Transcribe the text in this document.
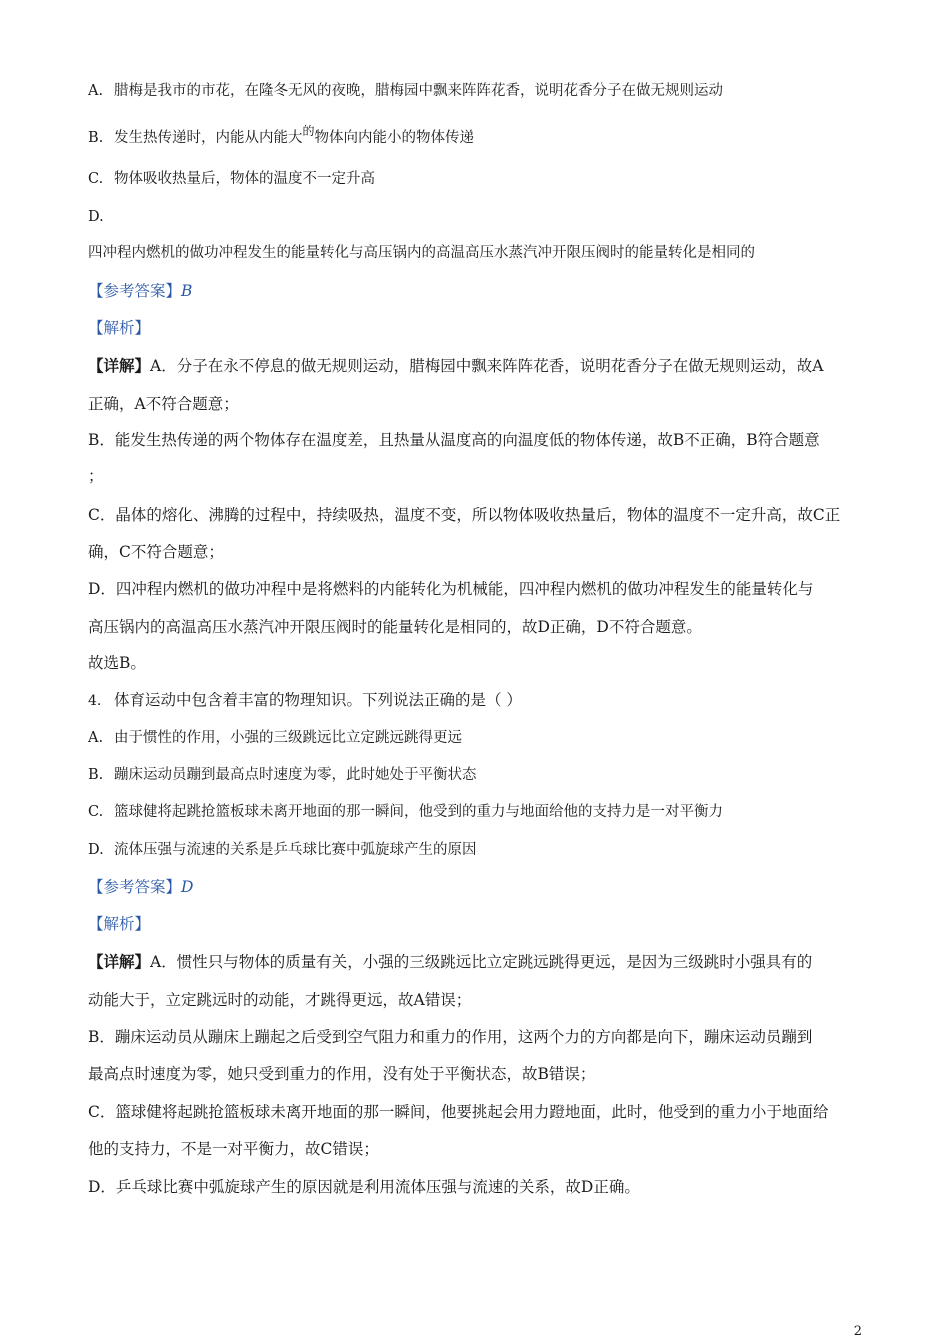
A. 腊梅是我市的市花，在隆冬无风的夜晚，腊梅园中飘来阵阵花香，说明花香分子在做无规则运动
B. 发生热传递时，内能从内能大$^的$物体向内能小的物体传递
C. 物体吸收热量后，物体的温度不一定升高
D.
四冲程内燃机的做功冲程发生的能量转化与高压锅内的高温高压水蒸汽冲开限压阀时的能量转化是相同的
【参考答案】B
【解析】
【详解】A．分子在永不停息的做无规则运动，腊梅园中飘来阵阵花香，说明花香分子在做无规则运动，故A
正确，A不符合题意；
B．能发生热传递的两个物体存在温度差，且热量从温度高的向温度低的物体传递，故B不正确，B符合题意
；
C．晶体的熔化、沸腾的过程中，持续吸热，温度不变，所以物体吸收热量后，物体的温度不一定升高，故C正
确，C不符合题意；
D．四冲程内燃机的做功冲程中是将燃料的内能转化为机械能，四冲程内燃机的做功冲程发生的能量转化与
高压锅内的高温高压水蒸汽冲开限压阀时的能量转化是相同的，故D正确，D不符合题意。
故选B。
4. 体育运动中包含着丰富的物理知识。下列说法正确的是（ ）
A. 由于惯性的作用，小强的三级跳远比立定跳远跳得更远
B. 蹦床运动员蹦到最高点时速度为零，此时她处于平衡状态
C. 篮球健将起跳抢篮板球未离开地面的那一瞬间，他受到的重力与地面给他的支持力是一对平衡力
D. 流体压强与流速的关系是乒乓球比赛中弧旋球产生的原因
【参考答案】D
【解析】
【详解】A．惯性只与物体的质量有关，小强的三级跳远比立定跳远跳得更远，是因为三级跳时小强具有的
动能大于，立定跳远时的动能，才跳得更远，故A错误；
B．蹦床运动员从蹦床上蹦起之后受到空气阻力和重力的作用，这两个力的方向都是向下，蹦床运动员蹦到
最高点时速度为零，她只受到重力的作用，没有处于平衡状态，故B错误；
C．篮球健将起跳抢篮板球未离开地面的那一瞬间，他要挑起会用力蹬地面，此时，他受到的重力小于地面给
他的支持力，不是一对平衡力，故C错误；
D．乒乓球比赛中弧旋球产生的原因就是利用流体压强与流速的关系，故D正确。
2
